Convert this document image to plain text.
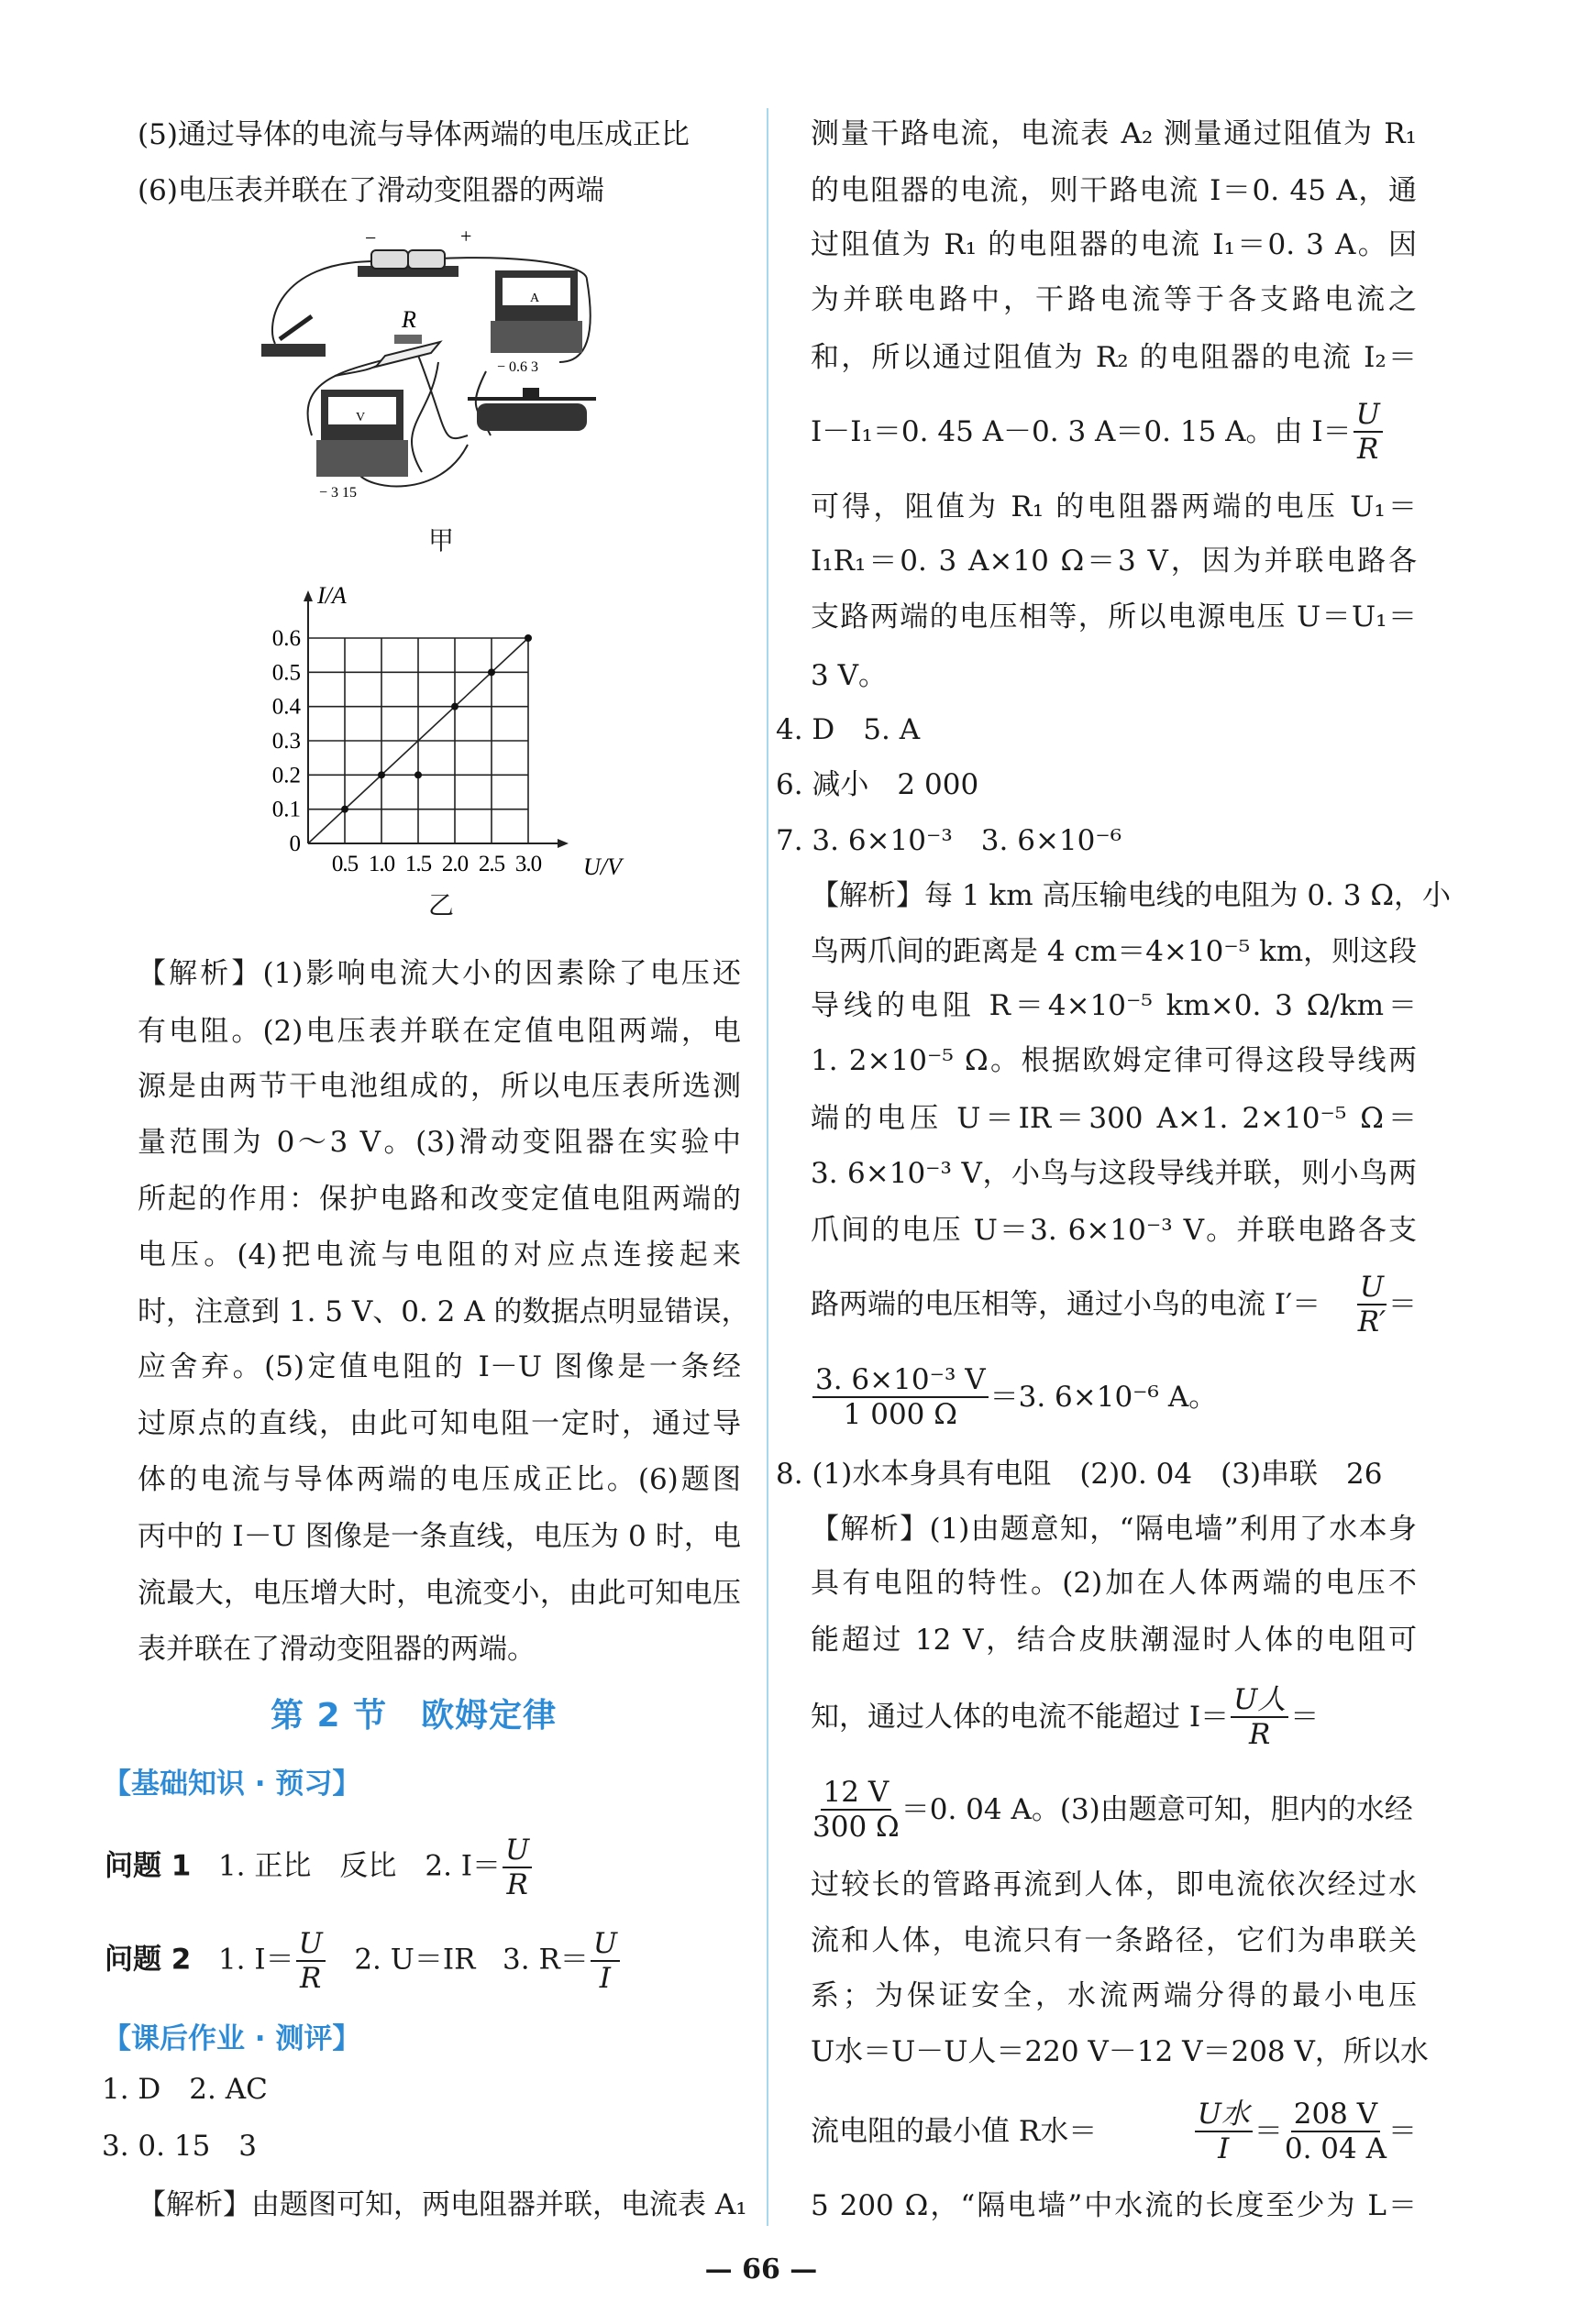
(5)通过导体的电流与导体两端的电压成正比
(6)电压表并联在了滑动变阻器的两端
−	+
R
A
− 0.6 3
V
− 3 15
甲
0.5 1.0 1.5 2.0 2.5 3.0
0
0.1
0.2
0.3
0.4
0.5
0.6
U/V
I/A
乙
【解析】(1)影响电流大小的因素除了电压还
有电阻。(2)电压表并联在定值电阻两端，电
源是由两节干电池组成的，所以电压表所选测
量范围为 0～3 V。(3)滑动变阻器在实验中
所起的作用：保护电路和改变定值电阻两端的
电压。(4)把电流与电阻的对应点连接起来
时，注意到 1. 5 V、0. 2 A 的数据点明显错误，
应舍弃。(5)定值电阻的 I－U 图像是一条经
过原点的直线，由此可知电阻一定时，通过导
体的电流与导体两端的电压成正比。(6)题图
丙中的 I－U 图像是一条直线，电压为 0 时，电
流最大，电压增大时，电流变小，由此可知电压
表并联在了滑动变阻器的两端。
第 2 节　欧姆定律
【基础知识 · 预习】
问题 1 1. 正比　反比　2. $I= \frac{U}{R}$
问题 2 1. $I= \frac{U}{R} 2$. U＝IR 3. $R= \frac{U}{I}$
【课后作业 · 测评】
1. D　2. AC
3. 0. 15　3
【解析】由题图可知，两电阻器并联，电流表 A₁
测量干路电流，电流表 A₂ 测量通过阻值为 R₁
的电阻器的电流，则干路电流 I＝0. 45 A，通
过阻值为 R₁ 的电阻器的电流 I₁＝0. 3 A。因
为并联电路中，干路电流等于各支路电流之
和，所以通过阻值为 R₂ 的电阻器的电流 I₂＝
I－I₁＝0. 45 A－0. 3 A＝0. 15 A。由 $I= \frac{U}{R}$
可得，阻值为 R₁ 的电阻器两端的电压 U₁＝
I₁R₁＝0. 3 A×10 Ω＝3 V，因为并联电路各
支路两端的电压相等，所以电源电压 U＝U₁＝
3 V。
4. D　5. A
6. 减小　2 000
7. 3. 6×10⁻³　3. 6×10⁻⁶
【解析】每 1 km 高压输电线的电阻为 0. 3 Ω，小
鸟两爪间的距离是 4 cm＝4×10⁻⁵ km，则这段
导线的电阻 R＝4×10⁻⁵ km×0. 3 Ω/km＝
1. 2×10⁻⁵ Ω。根据欧姆定律可得这段导线两
端的电压 U＝IR＝300 A×1. 2×10⁻⁵ Ω＝
3. 6×10⁻³ V，小鸟与这段导线并联，则小鸟两
爪间的电压 U＝3. 6×10⁻³ V。并联电路各支
路两端的电压相等，通过小鸟的电流 $I'= \frac{U}{R'}$ ＝
$\frac{\text{3. 6×10⁻³ V}}{1 000 \Omega} =3$. 6×10⁻⁶ A。
8. (1)水本身具有电阻　(2)0. 04　(3)串联　26
【解析】(1)由题意知，“隔电墙”利用了水本身
具有电阻的特性。(2)加在人体两端的电压不
能超过 12 V，结合皮肤潮湿时人体的电阻可
知，通过人体的电流不能超过 $I= \frac{\text{U人}}{R}$ ＝
$\frac{12 V}{300 \Omega} =0$. 04 A。(3)由题意可知，胆内的水经
过较长的管路再流到人体，即电流依次经过水
流和人体，电流只有一条路径，它们为串联关
系；为保证安全，水流两端分得的最小电压
U水＝U－U人＝220 V－12 V＝208 V，所以水
流电阻的最小值 R水＝	$\frac{\text{U水}}{I} = \frac{208 V}{0. 04 A}$ ＝
5 200 Ω，“隔电墙”中水流的长度至少为 L＝
— 66 —
